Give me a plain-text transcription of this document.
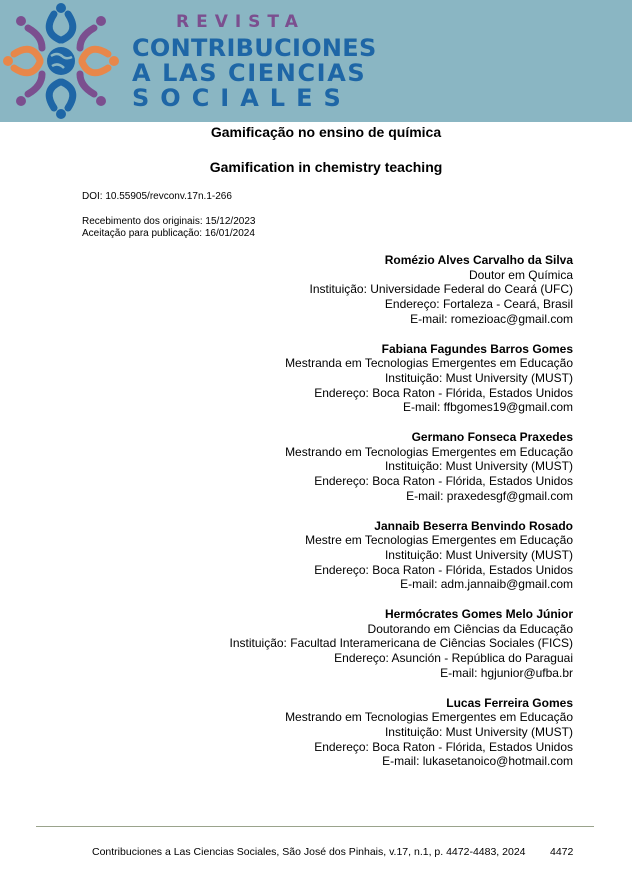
REVISTA
CONTRIBUCIONES
A LAS CIENCIAS
SOCIALES
Gamificação no ensino de química
Gamification in chemistry teaching
DOI: 10.55905/revconv.17n.1-266
Recebimento dos originais: 15/12/2023
Aceitação para publicação: 16/01/2024
Romézio Alves Carvalho da Silva
Doutor em Química
Instituição: Universidade Federal do Ceará (UFC)
Endereço: Fortaleza - Ceará, Brasil
E-mail: romezioac@gmail.com
Fabiana Fagundes Barros Gomes
Mestranda em Tecnologias Emergentes em Educação
Instituição: Must University (MUST)
Endereço: Boca Raton - Flórida, Estados Unidos
E-mail: ffbgomes19@gmail.com
Germano Fonseca Praxedes
Mestrando em Tecnologias Emergentes em Educação
Instituição: Must University (MUST)
Endereço: Boca Raton - Flórida, Estados Unidos
E-mail: praxedesgf@gmail.com
Jannaib Beserra Benvindo Rosado
Mestre em Tecnologias Emergentes em Educação
Instituição: Must University (MUST)
Endereço: Boca Raton - Flórida, Estados Unidos
E-mail: adm.jannaib@gmail.com
Hermócrates Gomes Melo Júnior
Doutorando em Ciências da Educação
Instituição: Facultad Interamericana de Ciências Sociales (FICS)
Endereço: Asunción - República do Paraguai
E-mail: hgjunior@ufba.br
Lucas Ferreira Gomes
Mestrando em Tecnologias Emergentes em Educação
Instituição: Must University (MUST)
Endereço: Boca Raton - Flórida, Estados Unidos
E-mail: lukasetanoico@hotmail.com
Contribuciones a Las Ciencias Sociales, São José dos Pinhais, v.17, n.1, p. 4472-4483, 2024 4472
